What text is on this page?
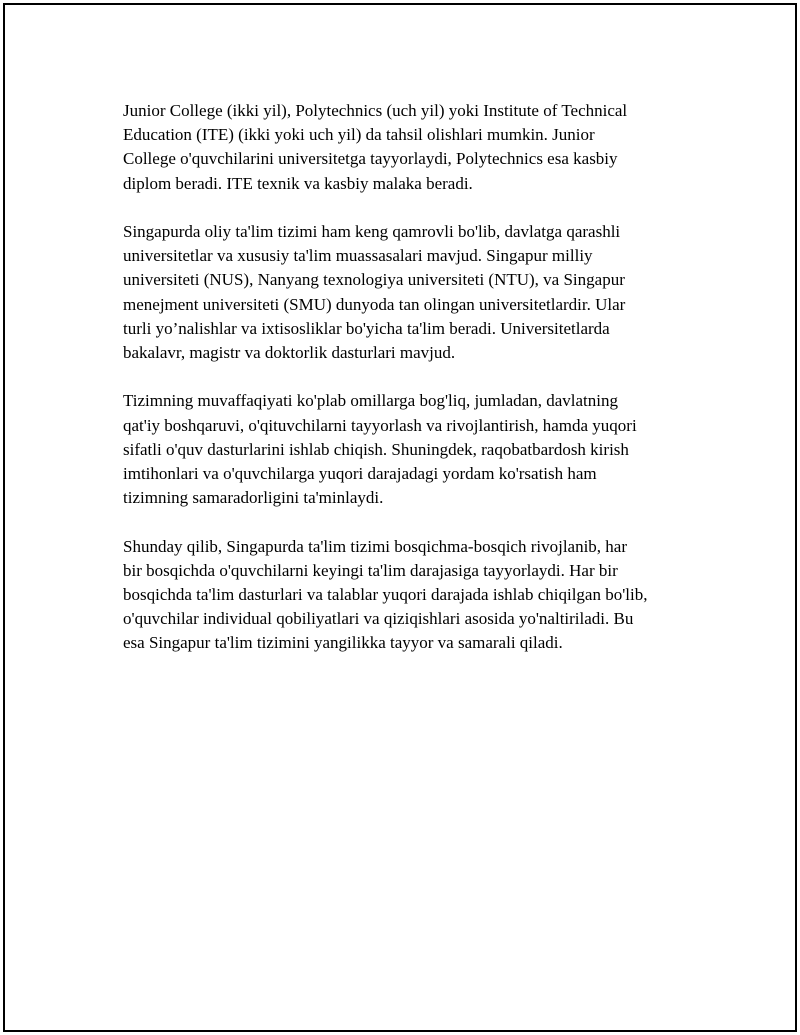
Junior College (ikki yil), Polytechnics (uch yil) yoki Institute of Technical
Education (ITE) (ikki yoki uch yil) da tahsil olishlari mumkin. Junior
College o'quvchilarini universitetga tayyorlaydi, Polytechnics esa kasbiy
diplom beradi. ITE texnik va kasbiy malaka beradi.

Singapurda oliy ta'lim tizimi ham keng qamrovli bo'lib, davlatga qarashli
universitetlar va xususiy ta'lim muassasalari mavjud. Singapur milliy
universiteti (NUS), Nanyang texnologiya universiteti (NTU), va Singapur
menejment universiteti (SMU) dunyoda tan olingan universitetlardir. Ular
turli yo’nalishlar va ixtisosliklar bo'yicha ta'lim beradi. Universitetlarda
bakalavr, magistr va doktorlik dasturlari mavjud.

Tizimning muvaffaqiyati ko'plab omillarga bog'liq, jumladan, davlatning
qat'iy boshqaruvi, o'qituvchilarni tayyorlash va rivojlantirish, hamda yuqori
sifatli o'quv dasturlarini ishlab chiqish. Shuningdek, raqobatbardosh kirish
imtihonlari va o'quvchilarga yuqori darajadagi yordam ko'rsatish ham
tizimning samaradorligini ta'minlaydi.

Shunday qilib, Singapurda ta'lim tizimi bosqichma-bosqich rivojlanib, har
bir bosqichda o'quvchilarni keyingi ta'lim darajasiga tayyorlaydi. Har bir
bosqichda ta'lim dasturlari va talablar yuqori darajada ishlab chiqilgan bo'lib,
o'quvchilar individual qobiliyatlari va qiziqishlari asosida yo'naltiriladi. Bu
esa Singapur ta'lim tizimini yangilikka tayyor va samarali qiladi.
